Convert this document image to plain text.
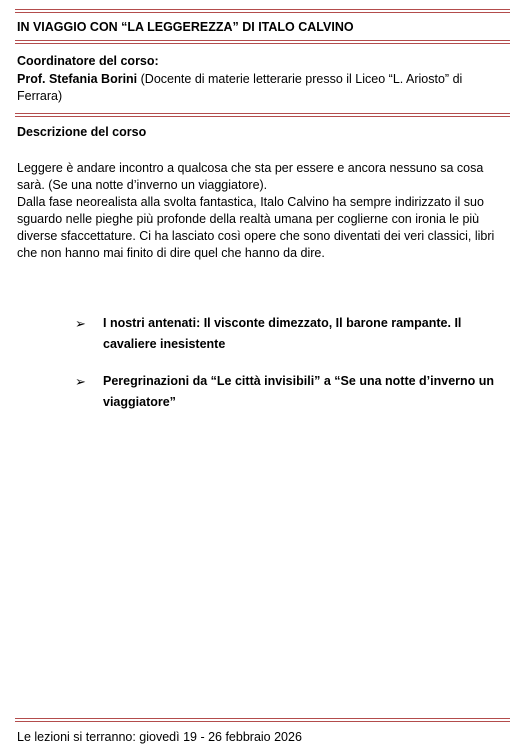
IN VIAGGIO CON “LA LEGGEREZZA” DI ITALO CALVINO
Coordinatore del corso:
Prof. Stefania Borini (Docente di materie letterarie presso il Liceo “L. Ariosto” di Ferrara)
Descrizione del corso
Leggere è andare incontro a qualcosa che sta per essere e ancora nessuno sa cosa sarà. (Se una notte d’inverno un viaggiatore).
Dalla fase neorealista alla svolta fantastica, Italo Calvino ha sempre indirizzato il suo sguardo nelle pieghe più profonde della realtà umana per coglierne con ironia le più diverse sfaccettature. Ci ha lasciato così opere che sono diventati dei veri classici, libri che non hanno mai finito di dire quel che hanno da dire.
➢ I nostri antenati: Il visconte dimezzato, Il barone rampante. Il cavaliere inesistente
➢ Peregrinazioni da “Le città invisibili” a “Se una notte d’inverno un viaggiatore”
Le lezioni si terranno: giovedì 19 - 26 febbraio 2026
